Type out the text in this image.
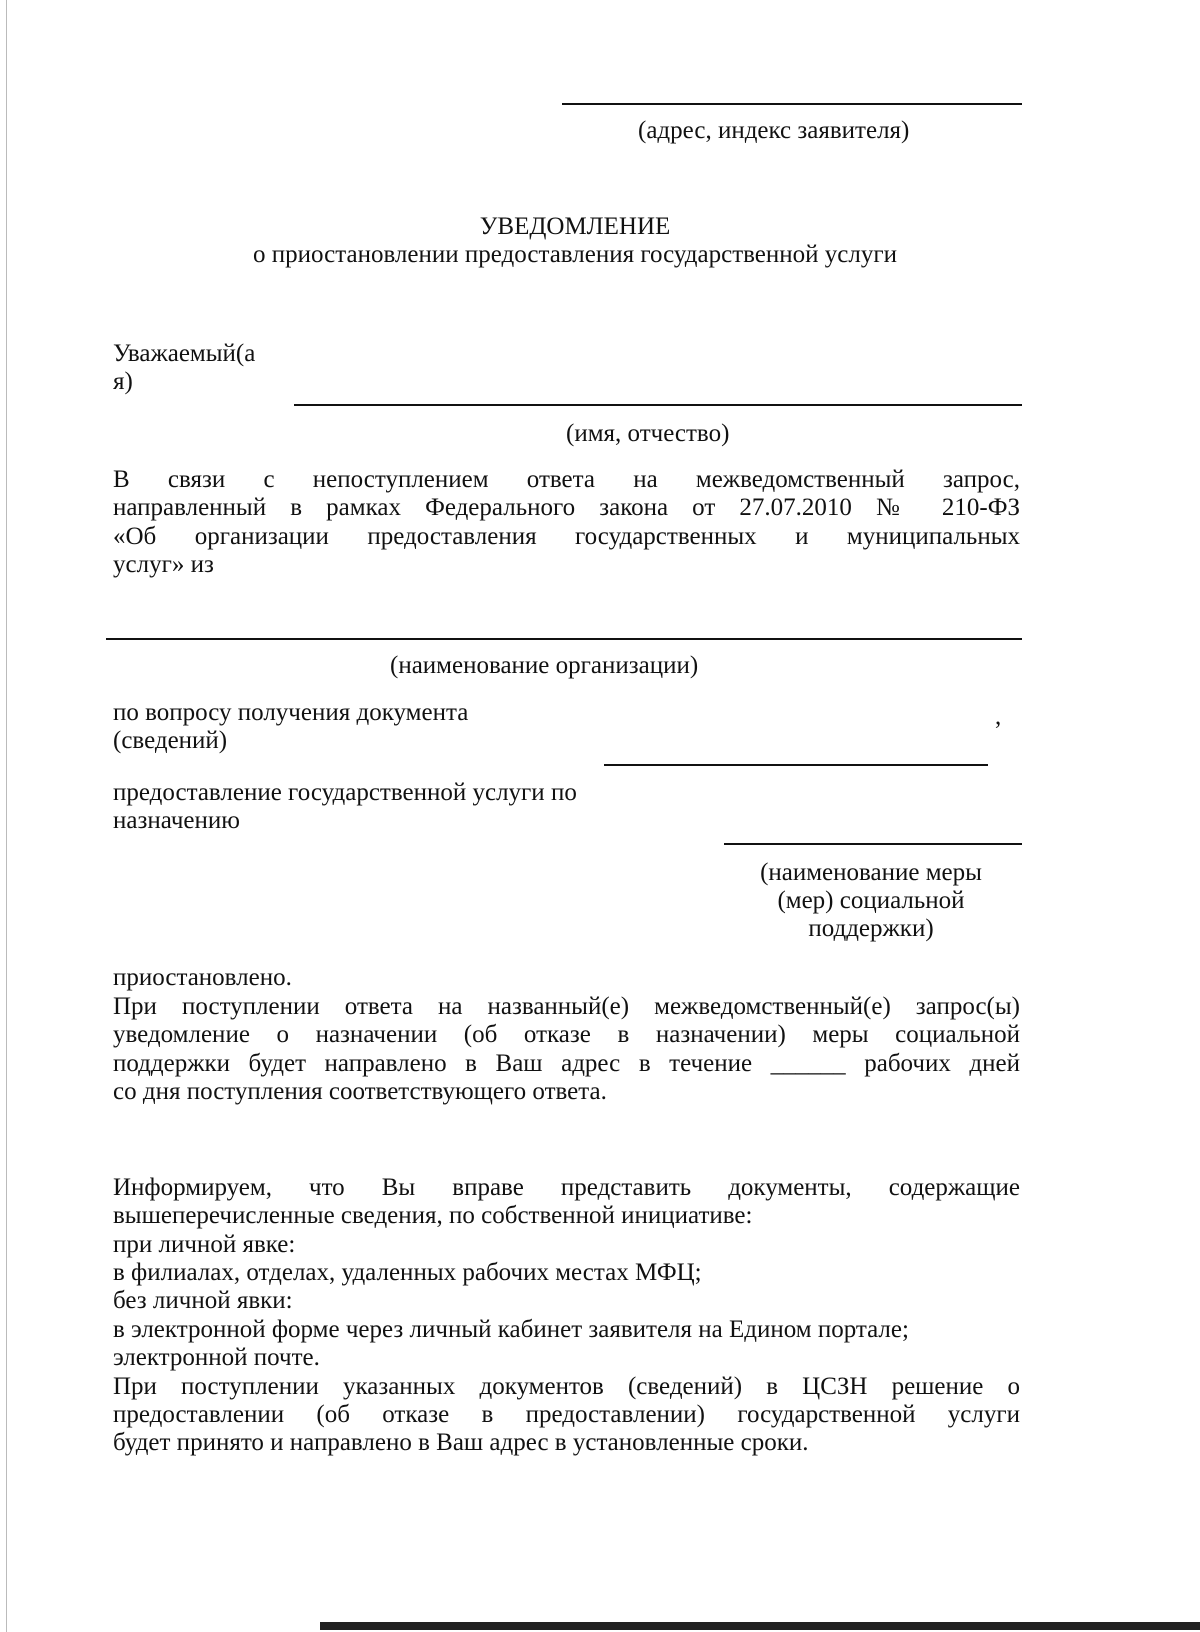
(адрес, индекс заявителя)

УВЕДОМЛЕНИЕ

о приостановлении предоставления государственной услуги

Уважаемый(а

я)

(имя, отчество)

В связи с непоступлением ответа на межведомственный запрос,

направленный в рамках Федерального закона от 27.07.2010 № 210-ФЗ

«Об организации предоставления государственных и муниципальных

услуг» из

(наименование организации)

по вопросу получения документа

(сведений)

,

предоставление государственной услуги по

назначению

(наименование меры

(мер) социальной

поддержки)

приостановлено.

При поступлении ответа на названный(е) межведомственный(е) запрос(ы)

уведомление о назначении (об отказе в назначении) меры социальной

поддержки будет направлено в Ваш адрес в течение ______ рабочих дней

со дня поступления соответствующего ответа.

Информируем, что Вы вправе представить документы, содержащие

вышеперечисленные сведения, по собственной инициативе:

при личной явке:

в филиалах, отделах, удаленных рабочих местах МФЦ;

без личной явки:

в электронной форме через личный кабинет заявителя на Едином портале;

электронной почте.

При поступлении указанных документов (сведений) в ЦСЗН решение о

предоставлении (об отказе в предоставлении) государственной услуги

будет принято и направлено в Ваш адрес в установленные сроки.
